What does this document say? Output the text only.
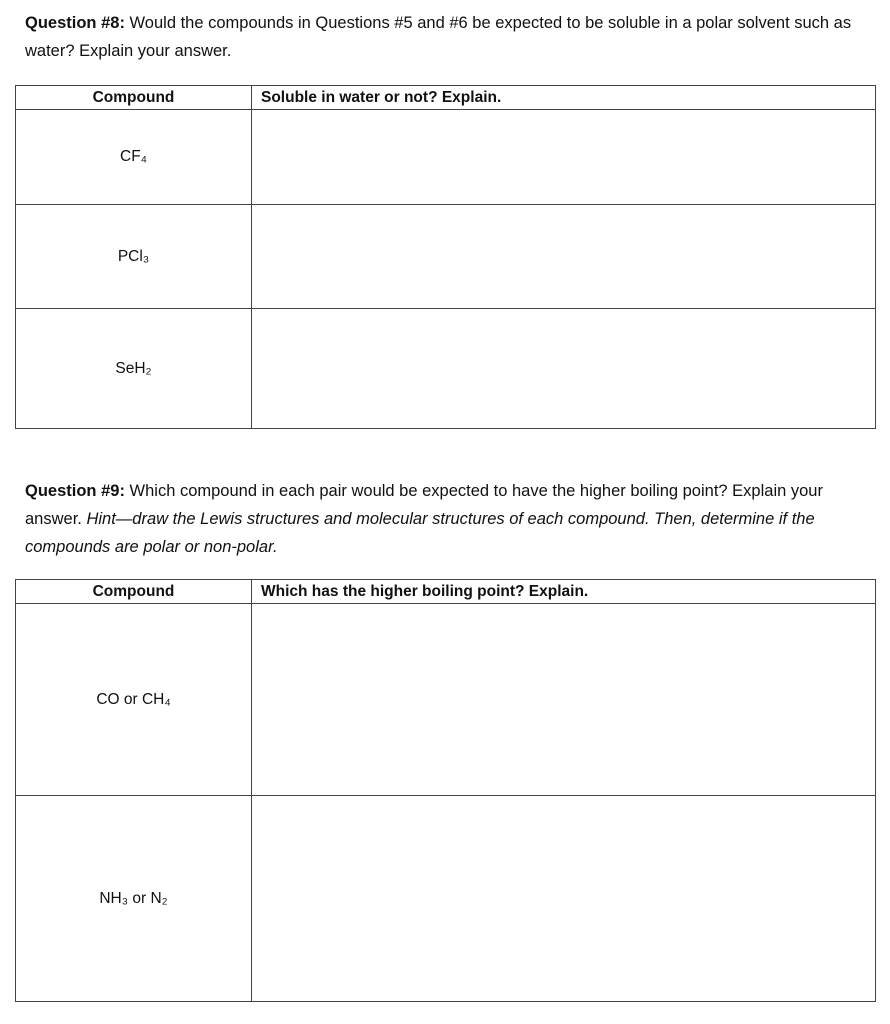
Question #8: Would the compounds in Questions #5 and #6 be expected to be soluble in a polar solvent such as water? Explain your answer.

Compound	Soluble in water or not? Explain.
CF₄	
PCl₃	
SeH₂	

Question #9: Which compound in each pair would be expected to have the higher boiling point? Explain your answer. Hint—draw the Lewis structures and molecular structures of each compound. Then, determine if the compounds are polar or non-polar.

Compound	Which has the higher boiling point? Explain.
CO or CH₄	
NH₃ or N₂	
